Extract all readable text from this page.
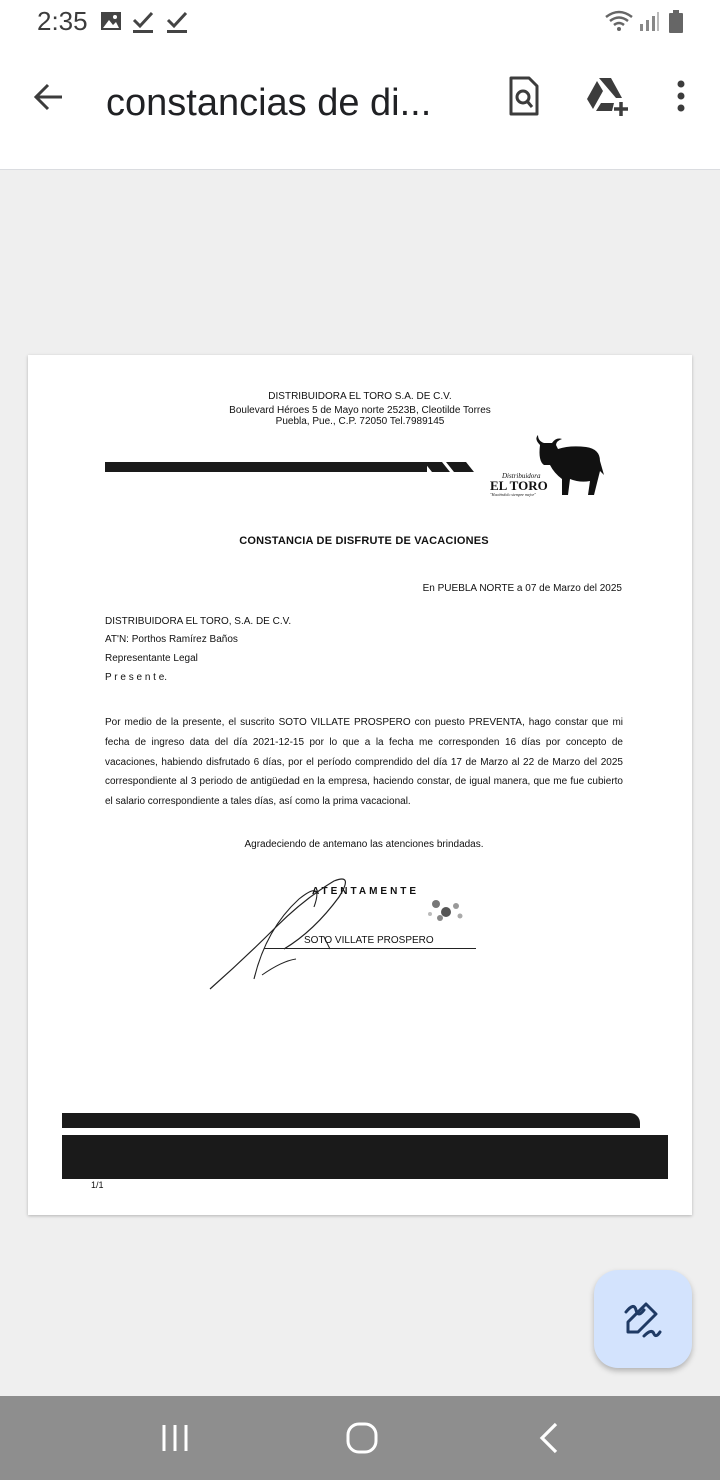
2:35
constancias de di...
DISTRIBUIDORA EL TORO S.A. DE C.V.
Boulevard Héroes 5 de Mayo norte 2523B, Cleotilde Torres
Puebla, Pue., C.P. 72050 Tel.7989145
Distribuidora
EL TORO
"Haciéndolo siempre mejor"
CONSTANCIA DE DISFRUTE DE VACACIONES
En PUEBLA NORTE a 07 de Marzo del 2025
DISTRIBUIDORA EL TORO, S.A. DE C.V.
AT'N: Porthos Ramírez Baños
Representante Legal
P r e s e n t e.
Por medio de la presente, el suscrito SOTO VILLATE PROSPERO con puesto PREVENTA, hago constar que mi fecha de ingreso data del día 2021-12-15 por lo que a la fecha me corresponden 16 días por concepto de vacaciones, habiendo disfrutado 6 días, por el período comprendido del día 17 de Marzo al 22 de Marzo del 2025 correspondiente al 3 periodo de antigüedad en la empresa, haciendo constar, de igual manera, que me fue cubierto el salario correspondiente a tales días, así como la prima vacacional.
Agradeciendo de antemano las atenciones brindadas.
ATENTAMENTE
SOTO VILLATE PROSPERO
1/1
